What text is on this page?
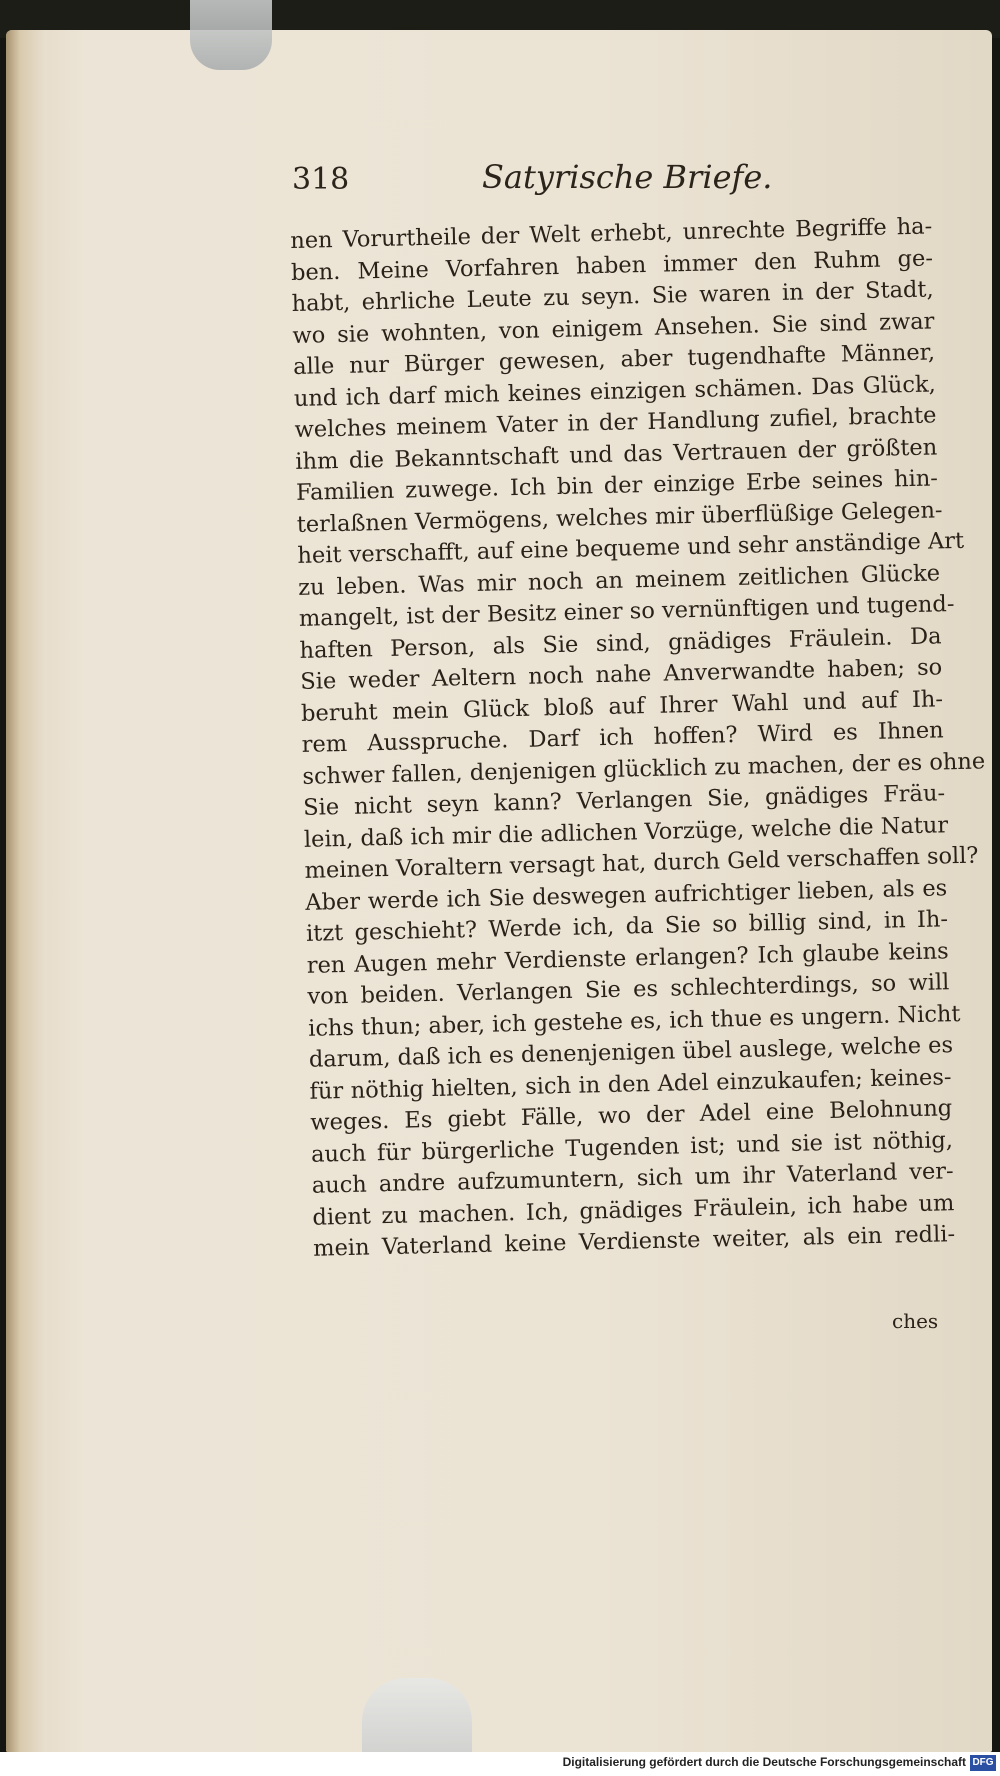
318	Satyrische Briefe.
nen Vorurtheile der Welt erhebt, unrechte Begriffe ha-
ben. Meine Vorfahren haben immer den Ruhm ge-
habt, ehrliche Leute zu seyn. Sie waren in der Stadt,
wo sie wohnten, von einigem Ansehen. Sie sind zwar
alle nur Bürger gewesen, aber tugendhafte Männer,
und ich darf mich keines einzigen schämen. Das Glück,
welches meinem Vater in der Handlung zufiel, brachte
ihm die Bekanntschaft und das Vertrauen der größten
Familien zuwege. Ich bin der einzige Erbe seines hin-
terlaßnen Vermögens, welches mir überflüßige Gelegen-
heit verschafft, auf eine bequeme und sehr anständige Art
zu leben. Was mir noch an meinem zeitlichen Glücke
mangelt, ist der Besitz einer so vernünftigen und tugend-
haften Person, als Sie sind, gnädiges Fräulein. Da
Sie weder Aeltern noch nahe Anverwandte haben; so
beruht mein Glück bloß auf Ihrer Wahl und auf Ih-
rem Ausspruche. Darf ich hoffen? Wird es Ihnen
schwer fallen, denjenigen glücklich zu machen, der es ohne
Sie nicht seyn kann? Verlangen Sie, gnädiges Fräu-
lein, daß ich mir die adlichen Vorzüge, welche die Natur
meinen Voraltern versagt hat, durch Geld verschaffen soll?
Aber werde ich Sie deswegen aufrichtiger lieben, als es
itzt geschieht? Werde ich, da Sie so billig sind, in Ih-
ren Augen mehr Verdienste erlangen? Ich glaube keins
von beiden. Verlangen Sie es schlechterdings, so will
ichs thun; aber, ich gestehe es, ich thue es ungern. Nicht
darum, daß ich es denenjenigen übel auslege, welche es
für nöthig hielten, sich in den Adel einzukaufen; keines-
weges. Es giebt Fälle, wo der Adel eine Belohnung
auch für bürgerliche Tugenden ist; und sie ist nöthig,
auch andre aufzumuntern, sich um ihr Vaterland ver-
dient zu machen. Ich, gnädiges Fräulein, ich habe um
mein Vaterland keine Verdienste weiter, als ein redli-
ches
Digitalisierung gefördert durch die Deutsche Forschungsgemeinschaft DFG
